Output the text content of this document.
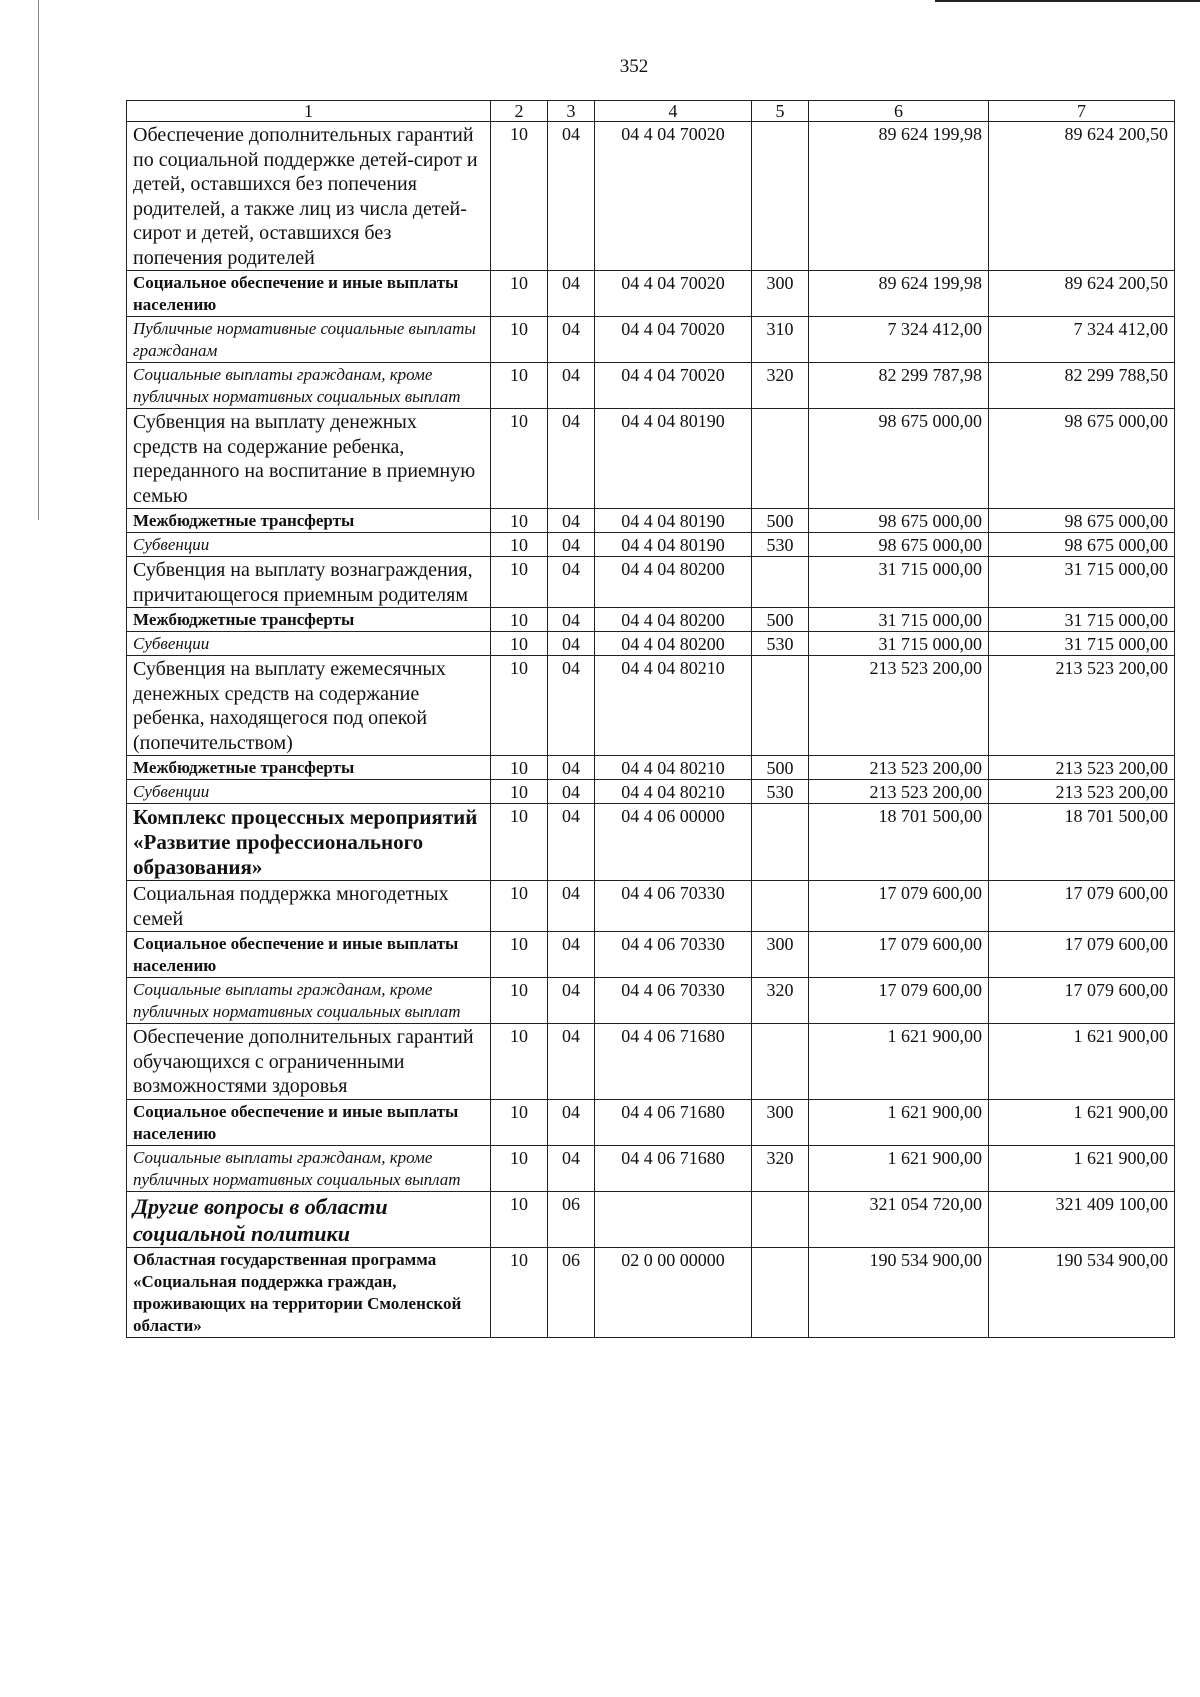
352
1	2	3	4	5	6	7
Обеспечение дополнительных гарантий по социальной поддержке детей-сирот и детей, оставшихся без попечения родителей, а также лиц из числа детей-сирот и детей, оставшихся без попечения родителей	10	04	04 4 04 70020		89 624 199,98	89 624 200,50
Социальное обеспечение и иные выплаты населению	10	04	04 4 04 70020	300	89 624 199,98	89 624 200,50
Публичные нормативные социальные выплаты гражданам	10	04	04 4 04 70020	310	7 324 412,00	7 324 412,00
Социальные выплаты гражданам, кроме публичных нормативных социальных выплат	10	04	04 4 04 70020	320	82 299 787,98	82 299 788,50
Субвенция на выплату денежных средств на содержание ребенка, переданного на воспитание в приемную семью	10	04	04 4 04 80190		98 675 000,00	98 675 000,00
Межбюджетные трансферты	10	04	04 4 04 80190	500	98 675 000,00	98 675 000,00
Субвенции	10	04	04 4 04 80190	530	98 675 000,00	98 675 000,00
Субвенция на выплату вознаграждения, причитающегося приемным родителям	10	04	04 4 04 80200		31 715 000,00	31 715 000,00
Межбюджетные трансферты	10	04	04 4 04 80200	500	31 715 000,00	31 715 000,00
Субвенции	10	04	04 4 04 80200	530	31 715 000,00	31 715 000,00
Субвенция на выплату ежемесячных денежных средств на содержание ребенка, находящегося под опекой (попечительством)	10	04	04 4 04 80210		213 523 200,00	213 523 200,00
Межбюджетные трансферты	10	04	04 4 04 80210	500	213 523 200,00	213 523 200,00
Субвенции	10	04	04 4 04 80210	530	213 523 200,00	213 523 200,00
Комплекс процессных мероприятий «Развитие профессионального образования»	10	04	04 4 06 00000		18 701 500,00	18 701 500,00
Социальная поддержка многодетных семей	10	04	04 4 06 70330		17 079 600,00	17 079 600,00
Социальное обеспечение и иные выплаты населению	10	04	04 4 06 70330	300	17 079 600,00	17 079 600,00
Социальные выплаты гражданам, кроме публичных нормативных социальных выплат	10	04	04 4 06 70330	320	17 079 600,00	17 079 600,00
Обеспечение дополнительных гарантий обучающихся с ограниченными возможностями здоровья	10	04	04 4 06 71680		1 621 900,00	1 621 900,00
Социальное обеспечение и иные выплаты населению	10	04	04 4 06 71680	300	1 621 900,00	1 621 900,00
Социальные выплаты гражданам, кроме публичных нормативных социальных выплат	10	04	04 4 06 71680	320	1 621 900,00	1 621 900,00
Другие вопросы в области социальной политики	10	06			321 054 720,00	321 409 100,00
Областная государственная программа «Социальная поддержка граждан, проживающих на территории Смоленской области»	10	06	02 0 00 00000		190 534 900,00	190 534 900,00
